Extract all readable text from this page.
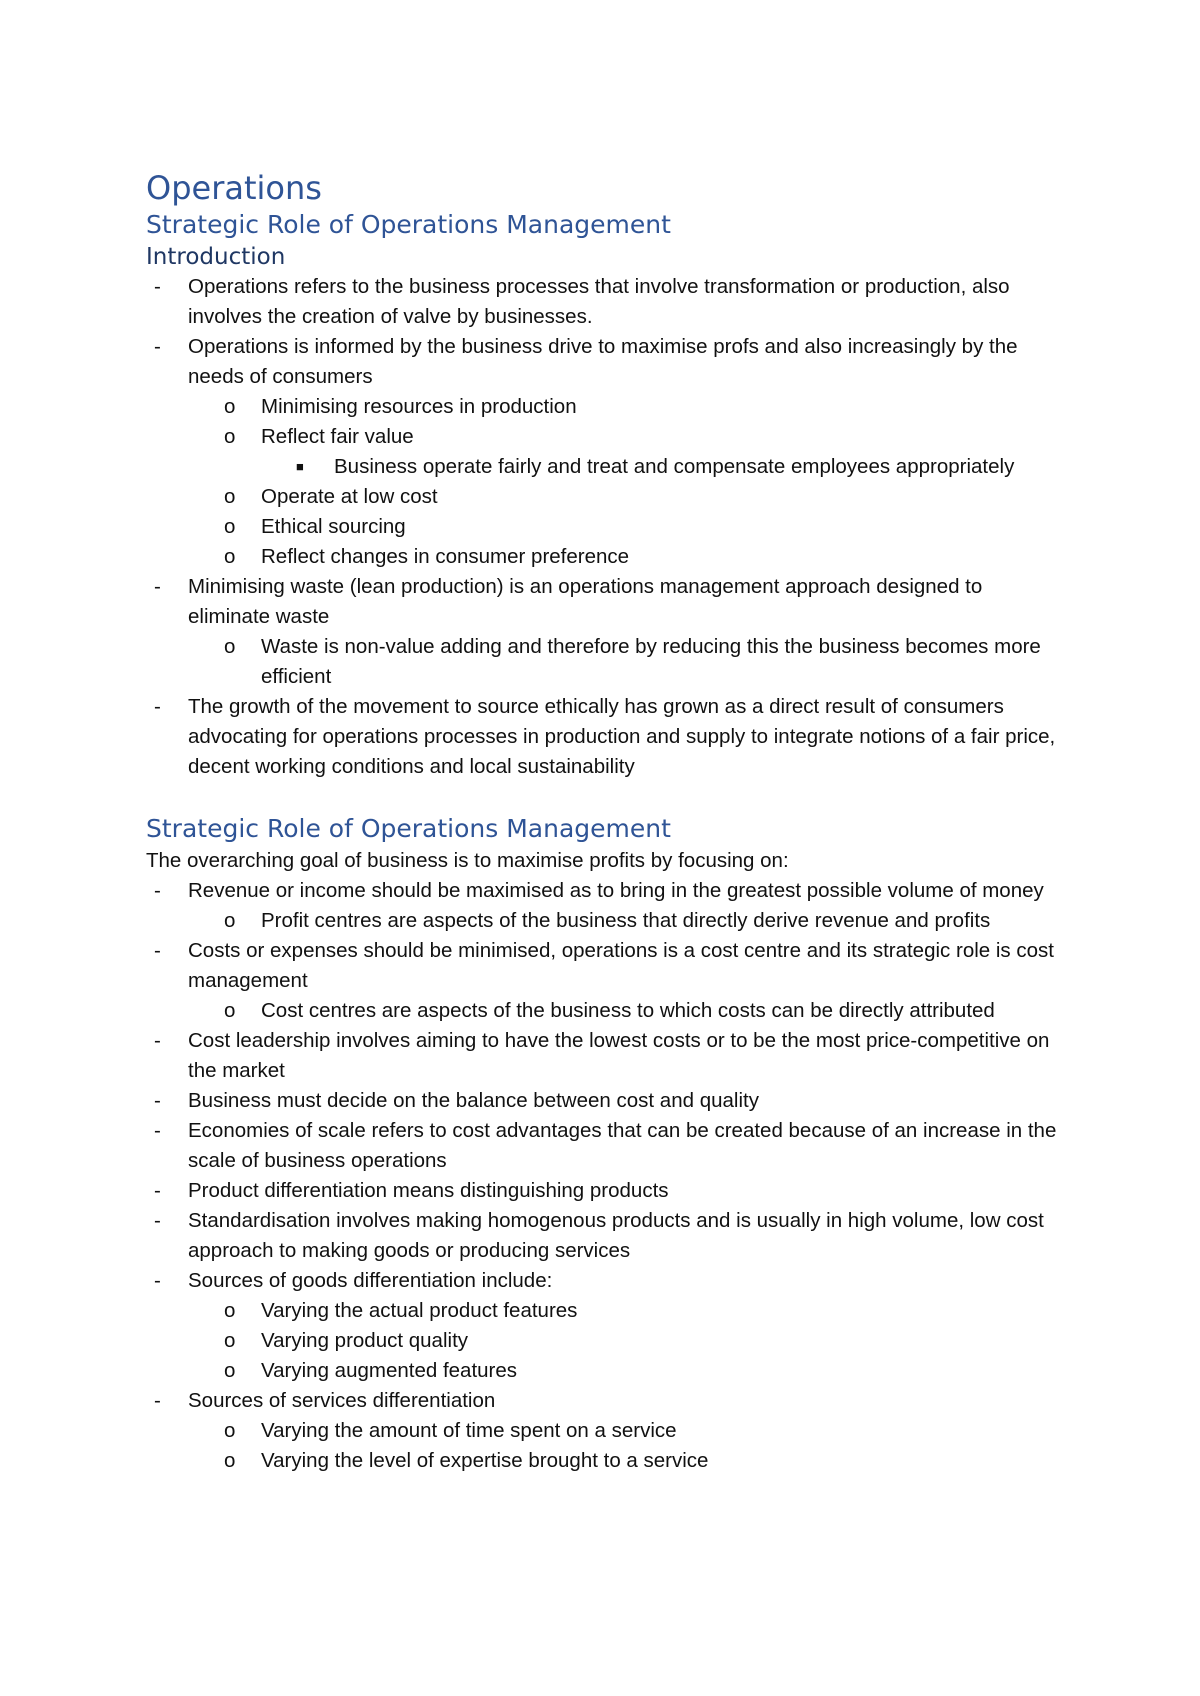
Operations
Strategic Role of Operations Management
Introduction
- Operations refers to the business processes that involve transformation or production, also involves the creation of valve by businesses.
- Operations is informed by the business drive to maximise profs and also increasingly by the needs of consumers
o Minimising resources in production
o Reflect fair value
■ Business operate fairly and treat and compensate employees appropriately
o Operate at low cost
o Ethical sourcing
o Reflect changes in consumer preference
- Minimising waste (lean production) is an operations management approach designed to eliminate waste
o Waste is non-value adding and therefore by reducing this the business becomes more efficient
- The growth of the movement to source ethically has grown as a direct result of consumers advocating for operations processes in production and supply to integrate notions of a fair price, decent working conditions and local sustainability
Strategic Role of Operations Management

The overarching goal of business is to maximise profits by focusing on:

- Revenue or income should be maximised as to bring in the greatest possible volume of money
o Profit centres are aspects of the business that directly derive revenue and profits
- Costs or expenses should be minimised, operations is a cost centre and its strategic role is cost management
o Cost centres are aspects of the business to which costs can be directly attributed
- Cost leadership involves aiming to have the lowest costs or to be the most price-competitive on the market
- Business must decide on the balance between cost and quality
- Economies of scale refers to cost advantages that can be created because of an increase in the scale of business operations
- Product differentiation means distinguishing products
- Standardisation involves making homogenous products and is usually in high volume, low cost approach to making goods or producing services
- Sources of goods differentiation include:
o Varying the actual product features
o Varying product quality
o Varying augmented features
- Sources of services differentiation
o Varying the amount of time spent on a service
o Varying the level of expertise brought to a service
